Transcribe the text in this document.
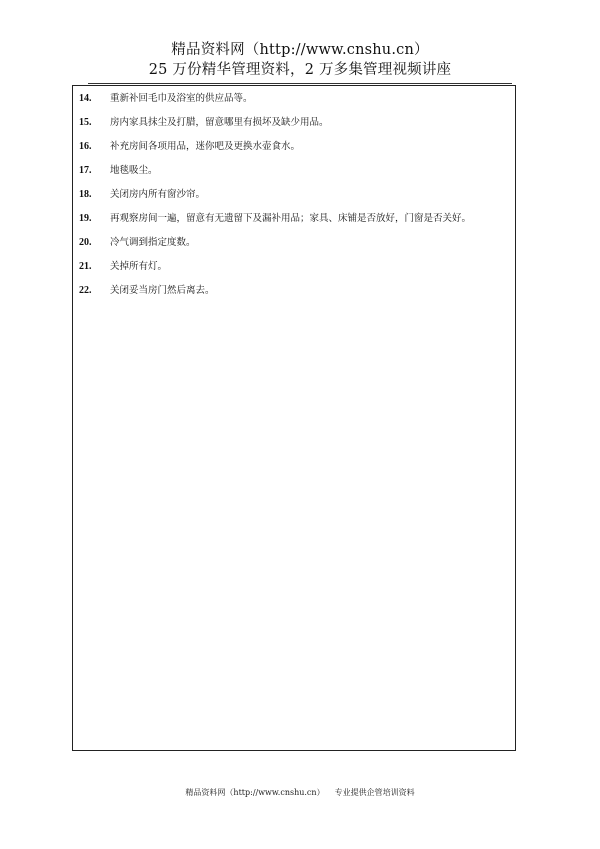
精品资料网（http://www.cnshu.cn）
25 万份精华管理资料，2 万多集管理视频讲座
14. 重新补回毛巾及浴室的供应品等。
15. 房内家具抹尘及打腊，留意哪里有损坏及缺少用品。
16. 补充房间各项用品，迷你吧及更换水壶食水。
17. 地毯吸尘。
18. 关闭房内所有窗沙帘。
19. 再观察房间一遍，留意有无遗留下及漏补用品；家具、床铺是否放好，门窗是否关好。
20. 冷气调到指定度数。
21. 关掉所有灯。
22. 关闭妥当房门然后离去。
精品资料网（http://www.cnshu.cn） 专业提供企管培训资料
